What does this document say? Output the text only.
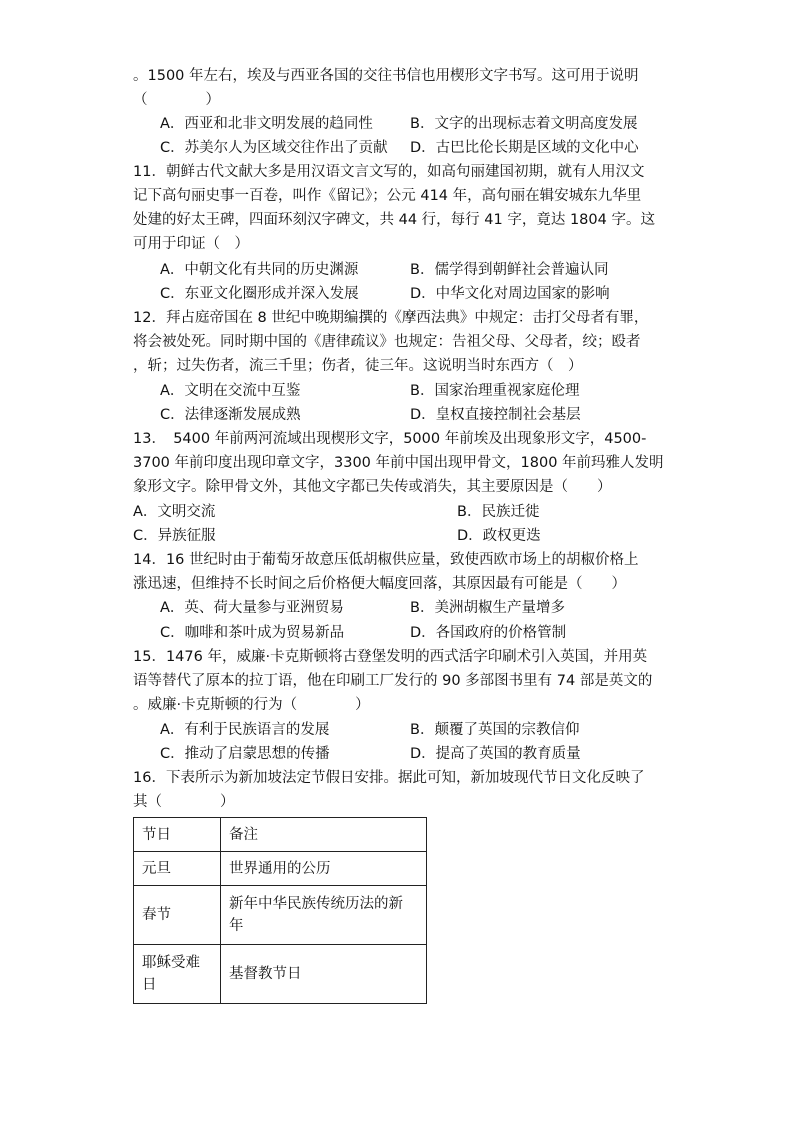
。1500 年左右，埃及与西亚各国的交往书信也用楔形文字书写。这可用于说明
（　　　　）
A．西亚和北非文明发展的趋同性	B．文字的出现标志着文明高度发展
C．苏美尔人为区域交往作出了贡献 D．古巴比伦长期是区域的文化中心
11．朝鲜古代文献大多是用汉语文言文写的，如高句丽建国初期，就有人用汉文
记下高句丽史事一百卷，叫作《留记》；公元 414 年，高句丽在辑安城东九华里
处建的好太王碑，四面环刻汉字碑文，共 44 行，每行 41 字，竟达 1804 字。这
可用于印证（　）
A．中朝文化有共同的历史渊源	B．儒学得到朝鲜社会普遍认同
C．东亚文化圈形成并深入发展	D．中华文化对周边国家的影响
12．拜占庭帝国在 8 世纪中晚期编撰的《摩西法典》中规定：击打父母者有罪，
将会被处死。同时期中国的《唐律疏议》也规定：告祖父母、父母者，绞；殴者
，斩；过失伤者，流三千里；伤者，徒三年。这说明当时东西方（　）
A．文明在交流中互鉴	B．国家治理重视家庭伦理
C．法律逐渐发展成熟	D．皇权直接控制社会基层
13．　5400 年前两河流域出现楔形文字，5000 年前埃及出现象形文字，4500-
3700 年前印度出现印章文字，3300 年前中国出现甲骨文，1800 年前玛雅人发明
象形文字。除甲骨文外，其他文字都已失传或消失，其主要原因是（　　）
A．文明交流	B．民族迁徙
C．异族征服	D．政权更迭
14．16 世纪时由于葡萄牙故意压低胡椒供应量，致使西欧市场上的胡椒价格上
涨迅速，但维持不长时间之后价格便大幅度回落，其原因最有可能是（　　）
A．英、荷大量参与亚洲贸易	B．美洲胡椒生产量增多
C．咖啡和茶叶成为贸易新品	D．各国政府的价格管制
15．1476 年，威廉·卡克斯顿将古登堡发明的西式活字印刷术引入英国，并用英
语等替代了原本的拉丁语，他在印刷工厂发行的 90 多部图书里有 74 部是英文的
。威廉·卡克斯顿的行为（　　　　）
A．有利于民族语言的发展	B．颠覆了英国的宗教信仰
C．推动了启蒙思想的传播	D．提高了英国的教育质量
16．下表所示为新加坡法定节假日安排。据此可知，新加坡现代节日文化反映了
其（　　　　）
节日	备注
元旦	世界通用的公历
春节	新年中华民族传统历法的新年
耶稣受难日	基督教节日
